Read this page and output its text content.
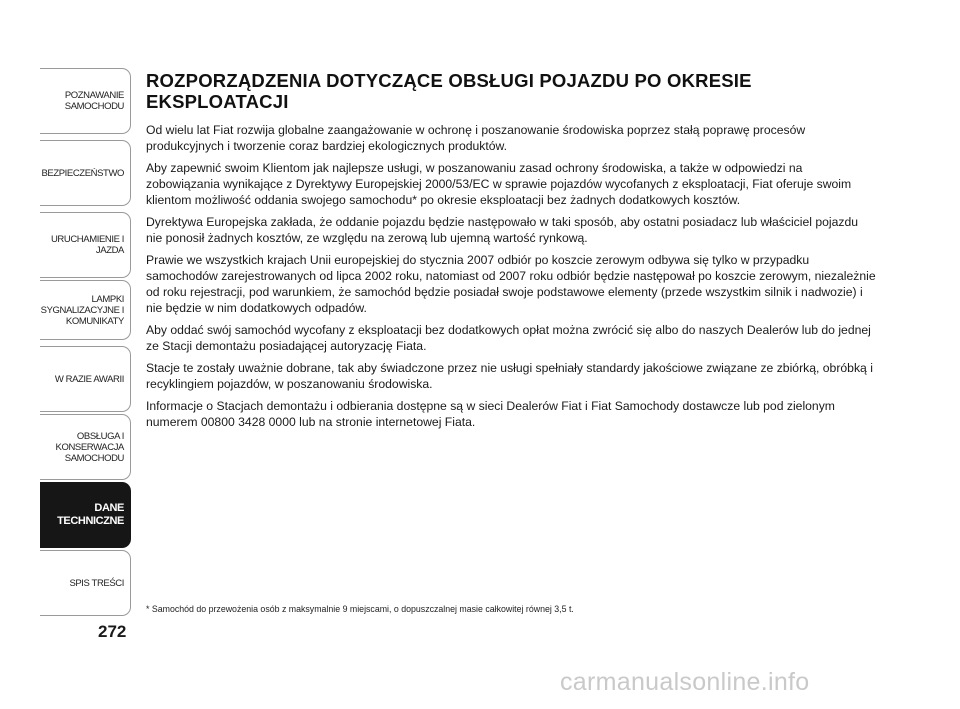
POZNAWANIE
SAMOCHODU
BEZPIECZEŃSTWO
URUCHAMIENIE I
JAZDA
LAMPKI
SYGNALIZACYJNE I
KOMUNIKATY
W RAZIE AWARII
OBSŁUGA I
KONSERWACJA
SAMOCHODU
DANE
TECHNICZNE
SPIS TREŚCI
272
ROZPORZĄDZENIA DOTYCZĄCE OBSŁUGI POJAZDU PO OKRESIE EKSPLOATACJI

Od wielu lat Fiat rozwija globalne zaangażowanie w ochronę i poszanowanie środowiska poprzez stałą poprawę procesów produkcyjnych i tworzenie coraz bardziej ekologicznych produktów.

Aby zapewnić swoim Klientom jak najlepsze usługi, w poszanowaniu zasad ochrony środowiska, a także w odpowiedzi na zobowiązania wynikające z Dyrektywy Europejskiej 2000/53/EC w sprawie pojazdów wycofanych z eksploatacji, Fiat oferuje swoim klientom możliwość oddania swojego samochodu* po okresie eksploatacji bez żadnych dodatkowych kosztów.

Dyrektywa Europejska zakłada, że oddanie pojazdu będzie następowało w taki sposób, aby ostatni posiadacz lub właściciel pojazdu nie ponosił żadnych kosztów, ze względu na zerową lub ujemną wartość rynkową.

Prawie we wszystkich krajach Unii europejskiej do stycznia 2007 odbiór po koszcie zerowym odbywa się tylko w przypadku samochodów zarejestrowanych od lipca 2002 roku, natomiast od 2007 roku odbiór będzie następował po koszcie zerowym, niezależnie od roku rejestracji, pod warunkiem, że samochód będzie posiadał swoje podstawowe elementy (przede wszystkim silnik i nadwozie) i nie będzie w nim dodatkowych odpadów.

Aby oddać swój samochód wycofany z eksploatacji bez dodatkowych opłat można zwrócić się albo do naszych Dealerów lub do jednej ze Stacji demontażu posiadającej autoryzację Fiata.

Stacje te zostały uważnie dobrane, tak aby świadczone przez nie usługi spełniały standardy jakościowe związane ze zbiórką, obróbką i recyklingiem pojazdów, w poszanowaniu środowiska.

Informacje o Stacjach demontażu i odbierania dostępne są w sieci Dealerów Fiat i Fiat Samochody dostawcze lub pod zielonym numerem 00800 3428 0000 lub na stronie internetowej Fiata.

* Samochód do przewożenia osób z maksymalnie 9 miejscami, o dopuszczalnej masie całkowitej równej 3,5 t.
carmanualsonline.info
